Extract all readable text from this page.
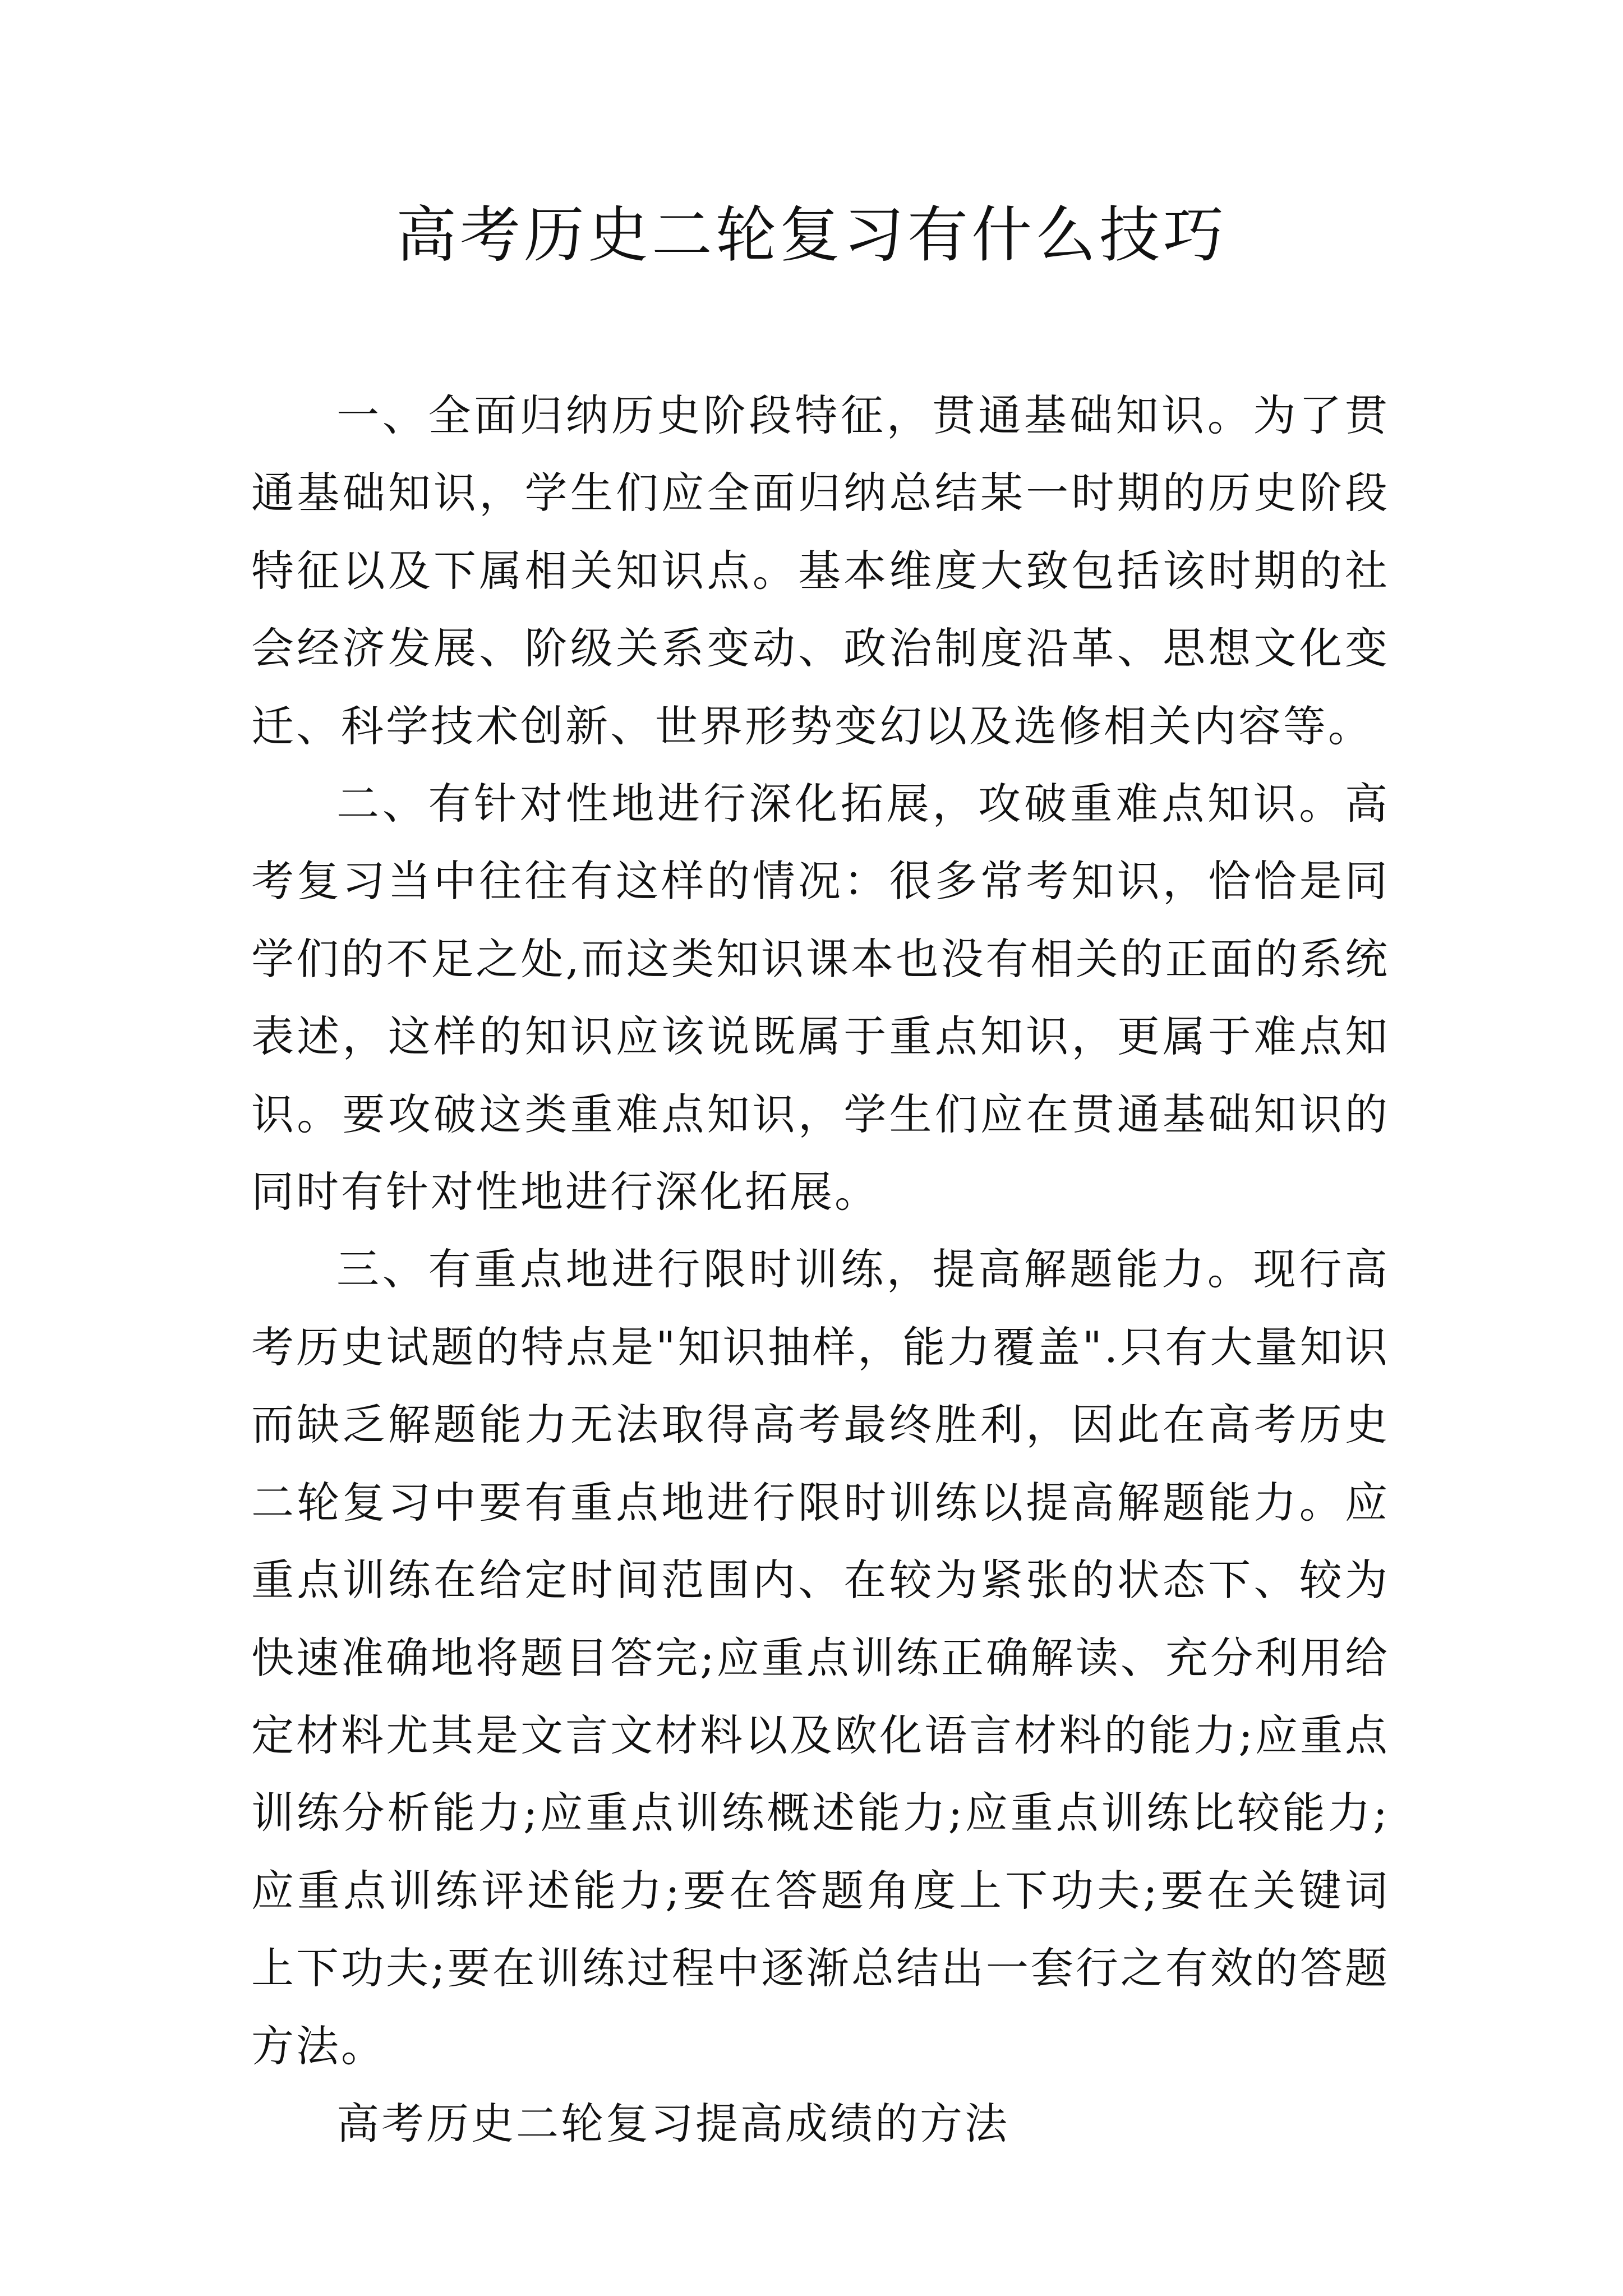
高考历史二轮复习有什么技巧

一、全面归纳历史阶段特征，贯通基础知识。为了贯通基础知识，学生们应全面归纳总结某一时期的历史阶段特征以及下属相关知识点。基本维度大致包括该时期的社会经济发展、阶级关系变动、政治制度沿革、思想文化变迁、科学技术创新、世界形势变幻以及选修相关内容等。

二、有针对性地进行深化拓展，攻破重难点知识。高考复习当中往往有这样的情况：很多常考知识，恰恰是同学们的不足之处,而这类知识课本也没有相关的正面的系统表述，这样的知识应该说既属于重点知识，更属于难点知识。要攻破这类重难点知识，学生们应在贯通基础知识的同时有针对性地进行深化拓展。

三、有重点地进行限时训练，提高解题能力。现行高考历史试题的特点是"知识抽样，能力覆盖".只有大量知识而缺乏解题能力无法取得高考最终胜利，因此在高考历史二轮复习中要有重点地进行限时训练以提高解题能力。应重点训练在给定时间范围内、在较为紧张的状态下、较为快速准确地将题目答完;应重点训练正确解读、充分利用给定材料尤其是文言文材料以及欧化语言材料的能力;应重点训练分析能力;应重点训练概述能力;应重点训练比较能力;应重点训练评述能力;要在答题角度上下功夫;要在关键词上下功夫;要在训练过程中逐渐总结出一套行之有效的答题方法。

高考历史二轮复习提高成绩的方法
